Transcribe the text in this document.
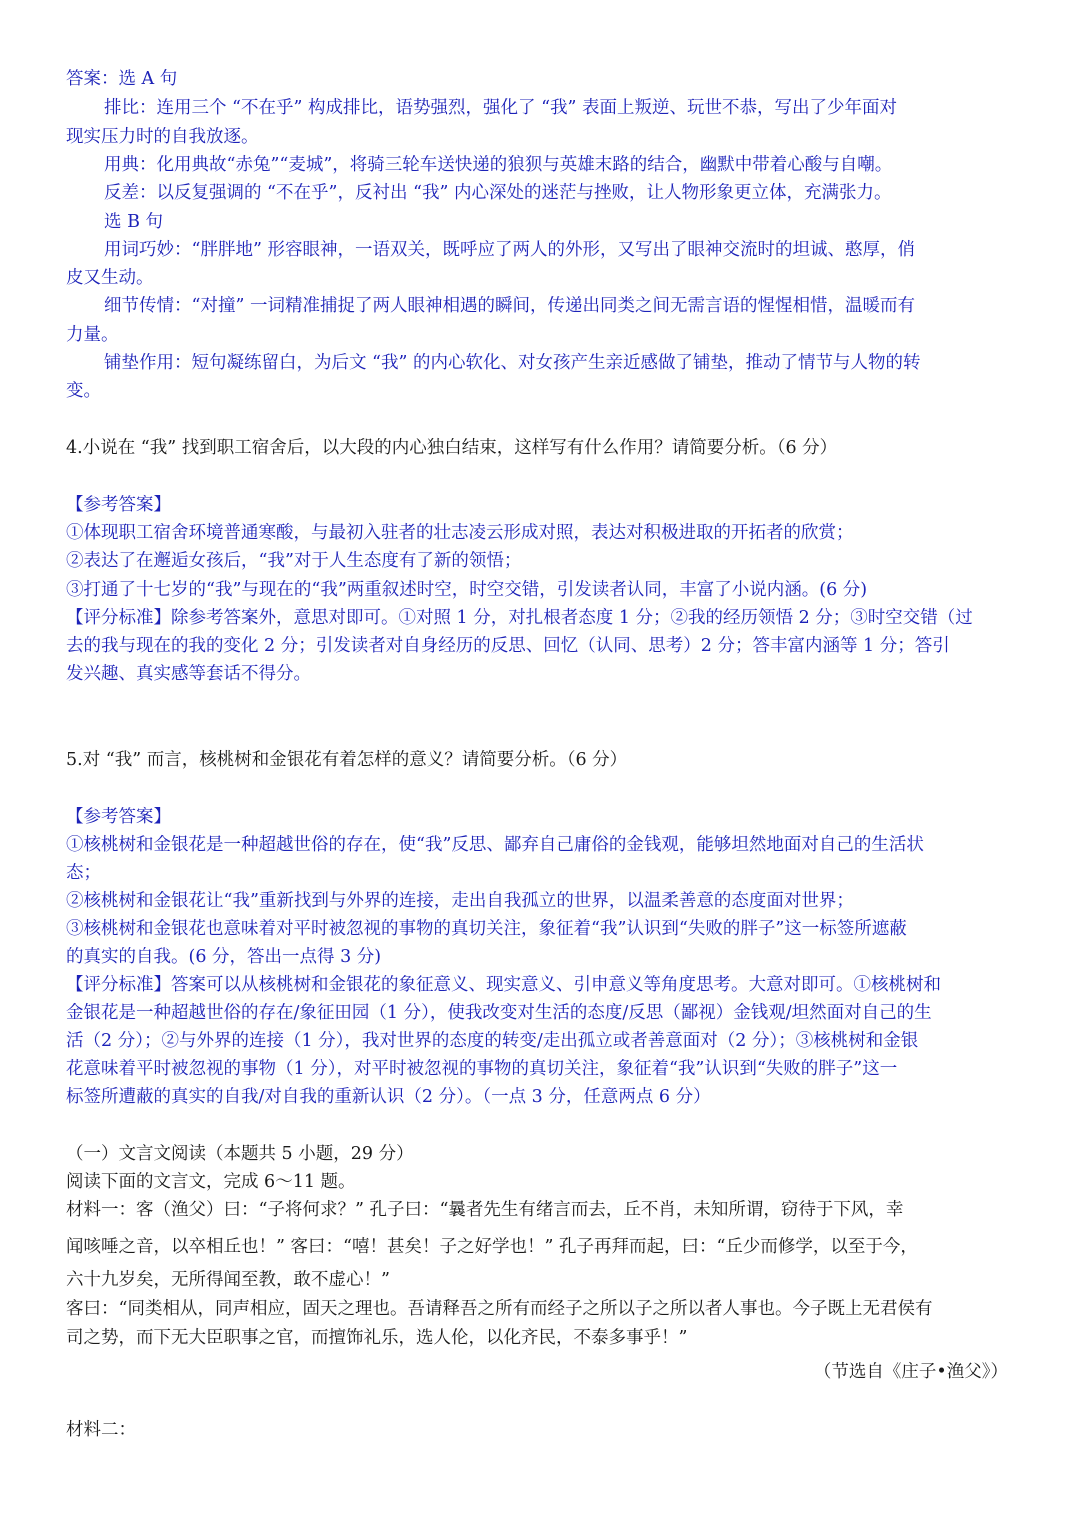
答案：选 A 句
排比：连用三个 “不在乎” 构成排比，语势强烈，强化了 “我” 表面上叛逆、玩世不恭，写出了少年面对
现实压力时的自我放逐。
用典：化用典故“赤兔”“麦城”，将骑三轮车送快递的狼狈与英雄末路的结合，幽默中带着心酸与自嘲。
反差：以反复强调的 “不在乎”，反衬出 “我” 内心深处的迷茫与挫败，让人物形象更立体，充满张力。
选 B 句
用词巧妙：“胖胖地” 形容眼神，一语双关，既呼应了两人的外形，又写出了眼神交流时的坦诚、憨厚，俏
皮又生动。
细节传情：“对撞” 一词精准捕捉了两人眼神相遇的瞬间，传递出同类之间无需言语的惺惺相惜，温暖而有
力量。
铺垫作用：短句凝练留白，为后文 “我” 的内心软化、对女孩产生亲近感做了铺垫，推动了情节与人物的转
变。
4.小说在 “我” 找到职工宿舍后，以大段的内心独白结束，这样写有什么作用？请简要分析。（6 分）
【参考答案】
①体现职工宿舍环境普通寒酸，与最初入驻者的壮志凌云形成对照，表达对积极进取的开拓者的欣赏；
②表达了在邂逅女孩后，“我”对于人生态度有了新的领悟；
③打通了十七岁的“我”与现在的“我”两重叙述时空，时空交错，引发读者认同，丰富了小说内涵。(6 分)
【评分标准】除参考答案外，意思对即可。①对照 1 分，对扎根者态度 1 分；②我的经历领悟 2 分；③时空交错（过
去的我与现在的我的变化 2 分；引发读者对自身经历的反思、回忆（认同、思考）2 分；答丰富内涵等 1 分；答引
发兴趣、真实感等套话不得分。
5.对 “我” 而言，核桃树和金银花有着怎样的意义？请简要分析。（6 分）
【参考答案】
①核桃树和金银花是一种超越世俗的存在，使“我”反思、鄙弃自己庸俗的金钱观，能够坦然地面对自己的生活状
态；
②核桃树和金银花让“我”重新找到与外界的连接，走出自我孤立的世界，以温柔善意的态度面对世界；
③核桃树和金银花也意味着对平时被忽视的事物的真切关注，象征着“我”认识到“失败的胖子”这一标签所遮蔽
的真实的自我。(6 分，答出一点得 3 分)
【评分标准】答案可以从核桃树和金银花的象征意义、现实意义、引申意义等角度思考。大意对即可。①核桃树和
金银花是一种超越世俗的存在/象征田园（1 分），使我改变对生活的态度/反思（鄙视）金钱观/坦然面对自己的生
活（2 分）；②与外界的连接（1 分），我对世界的态度的转变/走出孤立或者善意面对（2 分）；③核桃树和金银
花意味着平时被忽视的事物（1 分），对平时被忽视的事物的真切关注，象征着“我”认识到“失败的胖子”这一
标签所遭蔽的真实的自我/对自我的重新认识（2 分）。（一点 3 分，任意两点 6 分）
（一）文言文阅读（本题共 5 小题，29 分）
阅读下面的文言文，完成 6～11 题。
材料一：客（渔父）曰：“子将何求？” 孔子曰：“曩者先生有绪言而去，丘不肖，未知所谓，窃待于下风，幸
闻咳唾之音，以卒相丘也！” 客曰：“嘻！甚矣！子之好学也！” 孔子再拜而起，曰：“丘少而修学，以至于今，
六十九岁矣，无所得闻至教，敢不虚心！”
客曰：“同类相从，同声相应，固天之理也。吾请释吾之所有而经子之所以子之所以者人事也。今子既上无君侯有
司之势，而下无大臣职事之官，而擅饰礼乐，选人伦，以化齐民，不泰多事乎！”
（节选自《庄子•渔父》）
材料二：
